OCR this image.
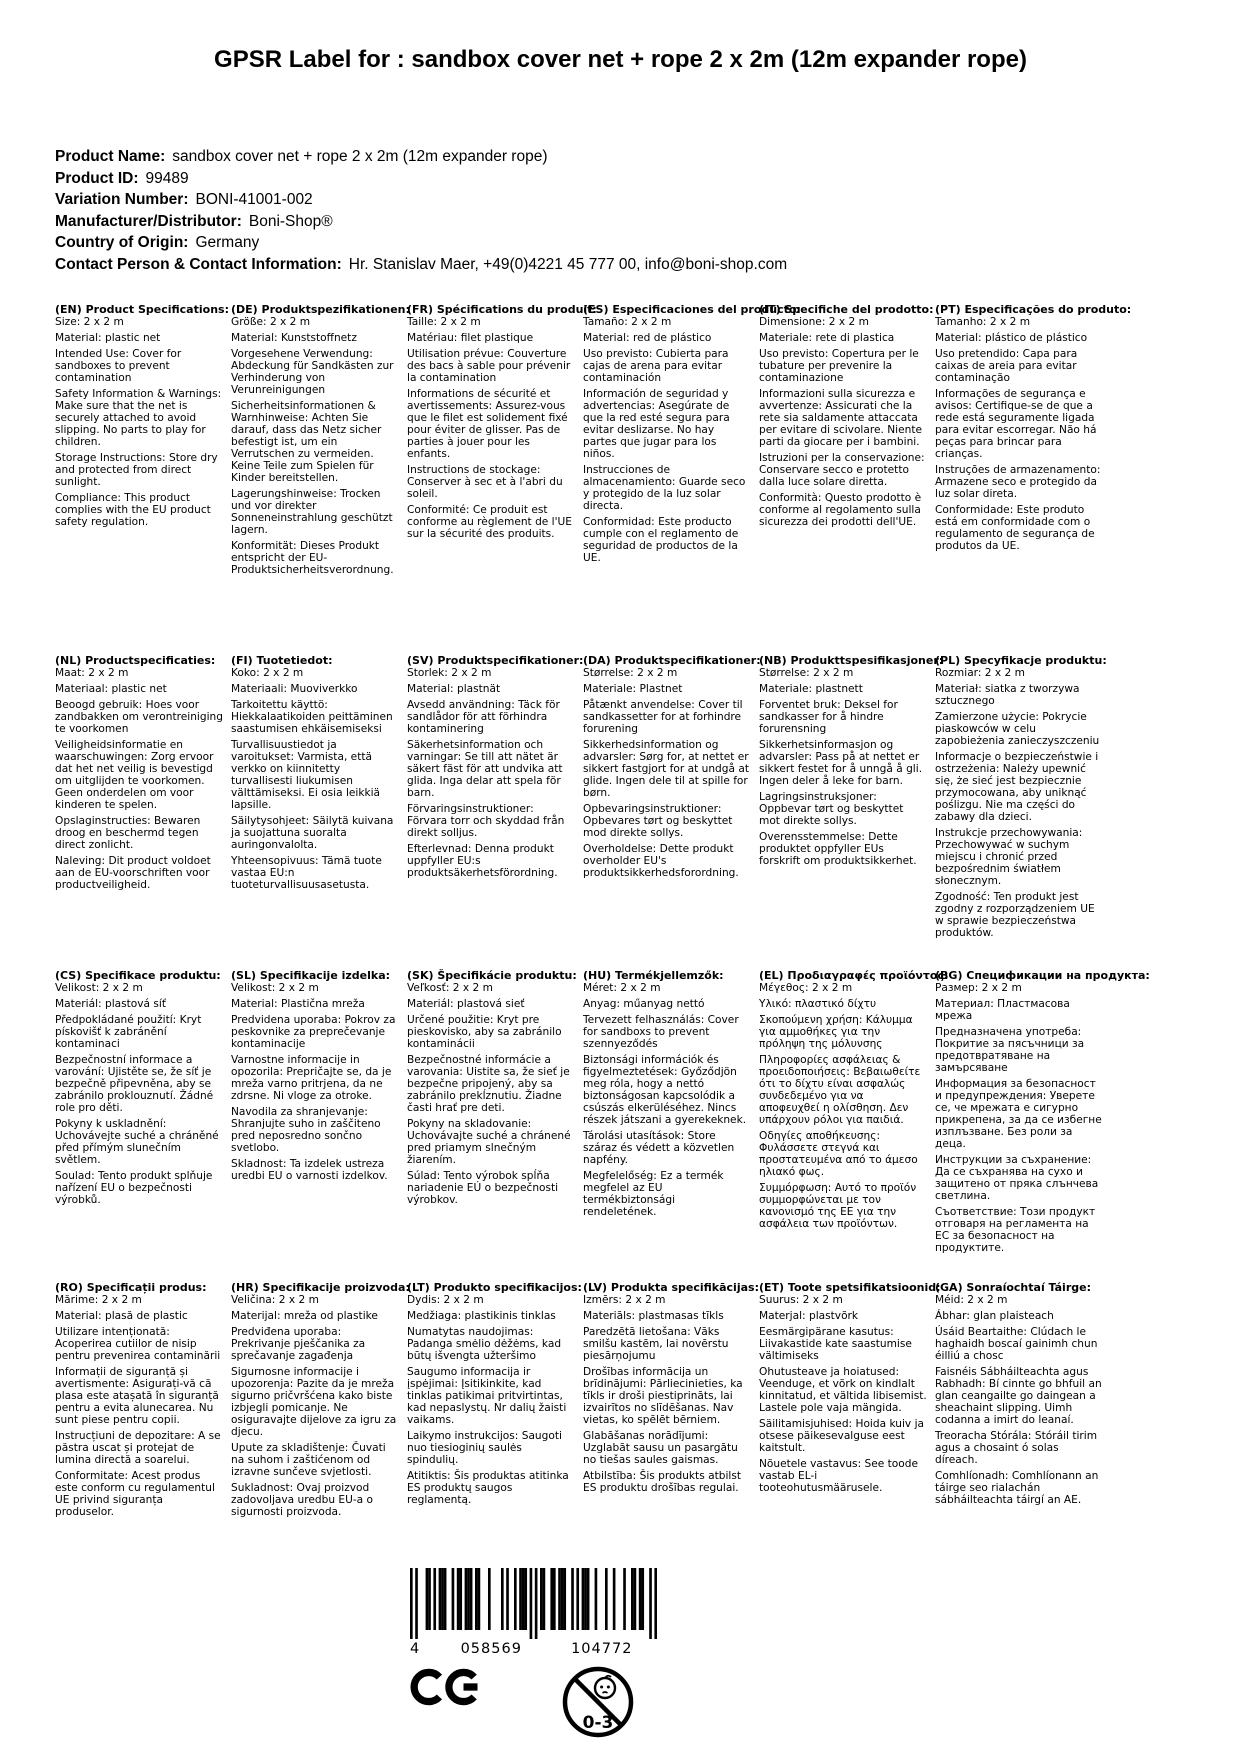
GPSR Label for : sandbox cover net + rope 2 x 2m (12m expander rope)
Product Name: sandbox cover net + rope 2 x 2m (12m expander rope)
Product ID: 99489
Variation Number: BONI-41001-002
Manufacturer/Distributor: Boni-Shop®
Country of Origin: Germany
Contact Person & Contact Information: Hr. Stanislav Maer, +49(0)4221 45 777 00, info@boni-shop.com
(EN) Product Specifications:

Size: 2 x 2 m

Material: plastic net

Intended Use: Cover for sandboxes to prevent contamination

Safety Information & Warnings: Make sure that the net is securely attached to avoid slipping. No parts to play for children.

Storage Instructions: Store dry and protected from direct sunlight.

Compliance: This product complies with the EU product safety regulation.

(DE) Produktspezifikationen:

Größe: 2 x 2 m

Material: Kunststoffnetz

Vorgesehene Verwendung: Abdeckung für Sandkästen zur Verhinderung von Verunreinigungen

Sicherheitsinformationen & Warnhinweise: Achten Sie darauf, dass das Netz sicher befestigt ist, um ein Verrutschen zu vermeiden. Keine Teile zum Spielen für Kinder bereitstellen.

Lagerungshinweise: Trocken und vor direkter Sonneneinstrahlung geschützt lagern.

Konformität: Dieses Produkt entspricht der EU-Produktsicherheitsverordnung.

(FR) Spécifications du produit:

Taille: 2 x 2 m

Matériau: filet plastique

Utilisation prévue: Couverture des bacs à sable pour prévenir la contamination

Informations de sécurité et avertissements: Assurez-vous que le filet est solidement fixé pour éviter de glisser. Pas de parties à jouer pour les enfants.

Instructions de stockage: Conserver à sec et à l'abri du soleil.

Conformité: Ce produit est conforme au règlement de l'UE sur la sécurité des produits.

(ES) Especificaciones del producto:

Tamaño: 2 x 2 m

Material: red de plástico

Uso previsto: Cubierta para cajas de arena para evitar contaminación

Información de seguridad y advertencias: Asegúrate de que la red esté segura para evitar deslizarse. No hay partes que jugar para los niños.

Instrucciones de almacenamiento: Guarde seco y protegido de la luz solar directa.

Conformidad: Este producto cumple con el reglamento de seguridad de productos de la UE.

(IT) Specifiche del prodotto:

Dimensione: 2 x 2 m

Materiale: rete di plastica

Uso previsto: Copertura per le tubature per prevenire la contaminazione

Informazioni sulla sicurezza e avvertenze: Assicurati che la rete sia saldamente attaccata per evitare di scivolare. Niente parti da giocare per i bambini.

Istruzioni per la conservazione: Conservare secco e protetto dalla luce solare diretta.

Conformità: Questo prodotto è conforme al regolamento sulla sicurezza dei prodotti dell'UE.

(PT) Especificações do produto:

Tamanho: 2 x 2 m

Material: plástico de plástico

Uso pretendido: Capa para caixas de areia para evitar contaminação

Informações de segurança e avisos: Certifique-se de que a rede está seguramente ligada para evitar escorregar. Não há peças para brincar para crianças.

Instruções de armazenamento: Armazene seco e protegido da luz solar direta.

Conformidade: Este produto está em conformidade com o regulamento de segurança de produtos da UE.

(NL) Productspecificaties:

Maat: 2 x 2 m

Materiaal: plastic net

Beoogd gebruik: Hoes voor zandbakken om verontreiniging te voorkomen

Veiligheidsinformatie en waarschuwingen: Zorg ervoor dat het net veilig is bevestigd om uitglijden te voorkomen. Geen onderdelen om voor kinderen te spelen.

Opslaginstructies: Bewaren droog en beschermd tegen direct zonlicht.

Naleving: Dit product voldoet aan de EU-voorschriften voor productveiligheid.

(FI) Tuotetiedot:

Koko: 2 x 2 m

Materiaali: Muoviverkko

Tarkoitettu käyttö: Hiekkalaatikoiden peittäminen saastumisen ehkäisemiseksi

Turvallisuustiedot ja varoitukset: Varmista, että verkko on kiinnitetty turvallisesti liukumisen välttämiseksi. Ei osia leikkiä lapsille.

Säilytysohjeet: Säilytä kuivana ja suojattuna suoralta auringonvalolta.

Yhteensopivuus: Tämä tuote vastaa EU:n tuoteturvallisuusasetusta.

(SV) Produktspecifikationer:

Storlek: 2 x 2 m

Material: plastnät

Avsedd användning: Täck för sandlådor för att förhindra kontaminering

Säkerhetsinformation och varningar: Se till att nätet är säkert fäst för att undvika att glida. Inga delar att spela för barn.

Förvaringsinstruktioner: Förvara torr och skyddad från direkt solljus.

Efterlevnad: Denna produkt uppfyller EU:s produktsäkerhetsförordning.

(DA) Produktspecifikationer:

Størrelse: 2 x 2 m

Materiale: Plastnet

Påtænkt anvendelse: Cover til sandkassetter for at forhindre forurening

Sikkerhedsinformation og advarsler: Sørg for, at nettet er sikkert fastgjort for at undgå at glide. Ingen dele til at spille for børn.

Opbevaringsinstruktioner: Opbevares tørt og beskyttet mod direkte sollys.

Overholdelse: Dette produkt overholder EU's produktsikkerhedsforordning.

(NB) Produkttspesifikasjoner:

Størrelse: 2 x 2 m

Materiale: plastnett

Forventet bruk: Deksel for sandkasser for å hindre forurensning

Sikkerhetsinformasjon og advarsler: Pass på at nettet er sikkert festet for å unngå å gli. Ingen deler å leke for barn.

Lagringsinstruksjoner: Oppbevar tørt og beskyttet mot direkte sollys.

Overensstemmelse: Dette produktet oppfyller EUs forskrift om produktsikkerhet.

(PL) Specyfikacje produktu:

Rozmiar: 2 x 2 m

Materiał: siatka z tworzywa sztucznego

Zamierzone użycie: Pokrycie piaskowców w celu zapobieżenia zanieczyszczeniu

Informacje o bezpieczeństwie i ostrzeżenia: Należy upewnić się, że sieć jest bezpiecznie przymocowana, aby uniknąć poślizgu. Nie ma części do zabawy dla dzieci.

Instrukcje przechowywania: Przechowywać w suchym miejscu i chronić przed bezpośrednim światłem słonecznym.

Zgodność: Ten produkt jest zgodny z rozporządzeniem UE w sprawie bezpieczeństwa produktów.

(CS) Specifikace produktu:

Velikost: 2 x 2 m

Materiál: plastová síť

Předpokládané použití: Kryt pískovišť k zabránění kontaminaci

Bezpečnostní informace a varování: Ujistěte se, že síť je bezpečně připevněna, aby se zabránilo proklouznutí. Žádné role pro děti.

Pokyny k uskladnění: Uchovávejte suché a chráněné před přímým slunečním světlem.

Soulad: Tento produkt splňuje nařízení EU o bezpečnosti výrobků.

(SL) Specifikacije izdelka:

Velikost: 2 x 2 m

Material: Plastična mreža

Predvidena uporaba: Pokrov za peskovnike za preprečevanje kontaminacije

Varnostne informacije in opozorila: Prepričajte se, da je mreža varno pritrjena, da ne zdrsne. Ni vloge za otroke.

Navodila za shranjevanje: Shranjujte suho in zaščiteno pred neposredno sončno svetlobo.

Skladnost: Ta izdelek ustreza uredbi EU o varnosti izdelkov.

(SK) Špecifikácie produktu:

Veľkosť: 2 x 2 m

Materiál: plastová sieť

Určené použitie: Kryt pre pieskovisko, aby sa zabránilo kontaminácii

Bezpečnostné informácie a varovania: Uistite sa, že sieť je bezpečne pripojený, aby sa zabránilo prekĺznutiu. Žiadne časti hrať pre deti.

Pokyny na skladovanie: Uchovávajte suché a chránené pred priamym slnečným žiarením.

Súlad: Tento výrobok spĺňa nariadenie EÚ o bezpečnosti výrobkov.

(HU) Termékjellemzők:

Méret: 2 x 2 m

Anyag: műanyag nettó

Tervezett felhasználás: Cover for sandboxs to prevent szennyeződés

Biztonsági információk és figyelmeztetések: Győződjön meg róla, hogy a nettó biztonságosan kapcsolódik a csúszás elkerüléséhez. Nincs részek játszani a gyerekeknek.

Tárolási utasítások: Store száraz és védett a közvetlen napfény.

Megfelelőség: Ez a termék megfelel az EU termékbiztonsági rendeletének.

(EL) Προδιαγραφές προϊόντος:

Μέγεθος: 2 x 2 m

Υλικό: πλαστικό δίχτυ

Σκοπούμενη χρήση: Κάλυμμα για αμμοθήκες για την πρόληψη της μόλυνσης

Πληροφορίες ασφάλειας & προειδοποιήσεις: Βεβαιωθείτε ότι το δίχτυ είναι ασφαλώς συνδεδεμένο για να αποφευχθεί η ολίσθηση. Δεν υπάρχουν ρόλοι για παιδιά.

Οδηγίες αποθήκευσης: Φυλάσσετε στεγνά και προστατευμένα από το άμεσο ηλιακό φως.

Συμμόρφωση: Αυτό το προϊόν συμμορφώνεται με τον κανονισμό της ΕΕ για την ασφάλεια των προϊόντων.

(BG) Спецификации на продукта:

Размер: 2 x 2 m

Материал: Пластмасова мрежа

Предназначена употреба: Покритие за пясъчници за предотвратяване на замърсяване

Информация за безопасност и предупреждения: Уверете се, че мрежата е сигурно прикрепена, за да се избегне изплъзване. Без роли за деца.

Инструкции за съхранение: Да се съхранява на сухо и защитено от пряка слънчева светлина.

Съответствие: Този продукт отговаря на регламента на ЕС за безопасност на продуктите.

(RO) Specificații produs:

Mărime: 2 x 2 m

Material: plasă de plastic

Utilizare intenționată: Acoperirea cutiilor de nisip pentru prevenirea contaminării

Informații de siguranță și avertismente: Asigurați-vă că plasa este atașată în siguranță pentru a evita alunecarea. Nu sunt piese pentru copii.

Instrucțiuni de depozitare: A se păstra uscat și protejat de lumina directă a soarelui.

Conformitate: Acest produs este conform cu regulamentul UE privind siguranța produselor.

(HR) Specifikacije proizvoda:

Veličina: 2 x 2 m

Materijal: mreža od plastike

Predviđena uporaba: Prekrivanje pješčanika za sprečavanje zagađenja

Sigurnosne informacije i upozorenja: Pazite da je mreža sigurno pričvršćena kako biste izbjegli pomicanje. Ne osiguravajte dijelove za igru za djecu.

Upute za skladištenje: Čuvati na suhom i zaštićenom od izravne sunčeve svjetlosti.

Sukladnost: Ovaj proizvod zadovoljava uredbu EU-a o sigurnosti proizvoda.

(LT) Produkto specifikacijos:

Dydis: 2 x 2 m

Medžiaga: plastikinis tinklas

Numatytas naudojimas: Padanga smėlio dėžėms, kad būtų išvengta užteršimo

Saugumo informacija ir įspėjimai: Įsitikinkite, kad tinklas patikimai pritvirtintas, kad nepaslystų. Nr dalių žaisti vaikams.

Laikymo instrukcijos: Saugoti nuo tiesioginių saulės spindulių.

Atitiktis: Šis produktas atitinka ES produktų saugos reglamentą.

(LV) Produkta specifikācijas:

Izmērs: 2 x 2 m

Materiāls: plastmasas tīkls

Paredzētā lietošana: Vāks smilšu kastēm, lai novērstu piesārņojumu

Drošības informācija un brīdinājumi: Pārliecinieties, ka tīkls ir droši piestiprināts, lai izvairītos no slīdēšanas. Nav vietas, ko spēlēt bērniem.

Glabāšanas norādījumi: Uzglabāt sausu un pasargātu no tiešas saules gaismas.

Atbilstība: Šis produkts atbilst ES produktu drošības regulai.

(ET) Toote spetsifikatsioonid:

Suurus: 2 x 2 m

Materjal: plastvõrk

Eesmärgipärane kasutus: Liivakastide kate saastumise vältimiseks

Ohutusteave ja hoiatused: Veenduge, et võrk on kindlalt kinnitatud, et vältida libisemist. Lastele pole vaja mängida.

Säilitamisjuhised: Hoida kuiv ja otsese päikesevalguse eest kaitstult.

Nõuetele vastavus: See toode vastab EL-i tooteohutusmäärusele.

(GA) Sonraíochtaí Táirge:

Méid: 2 x 2 m

Ábhar: glan plaisteach

Úsáid Beartaithe: Clúdach le haghaidh boscaí gainimh chun éilliú a chosc

Faisnéis Sábháilteachta agus Rabhadh: Bí cinnte go bhfuil an glan ceangailte go daingean a sheachaint slipping. Uimh codanna a imirt do leanaí.

Treoracha Stórála: Stóráil tirim agus a chosaint ó solas díreach.

Comhlíonadh: Comhlíonann an táirge seo rialachán sábháilteachta táirgí an AE.

4	058569	104772
0-3
